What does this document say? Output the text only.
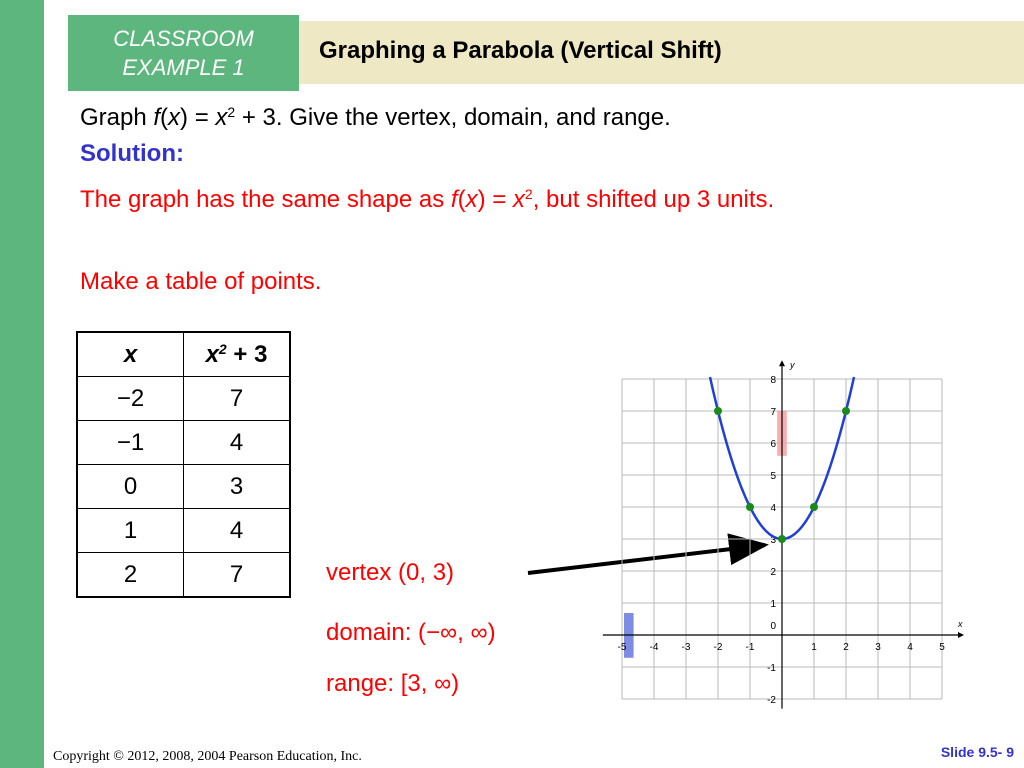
CLASSROOM
EXAMPLE 1
Graphing a Parabola (Vertical Shift)
Graph $f(x) = x^2 + 3$. Give the vertex, domain, and range.
Solution:
The graph has the same shape as $f(x) = x^2$, but shifted up 3 units.
Make a table of points.
x	$x^2 + 3$
−2	7
−1	4
0	3
1	4
2	7	vertex (0, 3)
domain: (−∞, ∞)
range: [3, ∞)
x
y
-5 -4 -3 -2 -1	1	2	3	4	5
8
7
6
5
4
3
2
1
-1
-2
0
Copyright © 2012, 2008, 2004 Pearson Education, Inc.	Slide 9.5- 9
